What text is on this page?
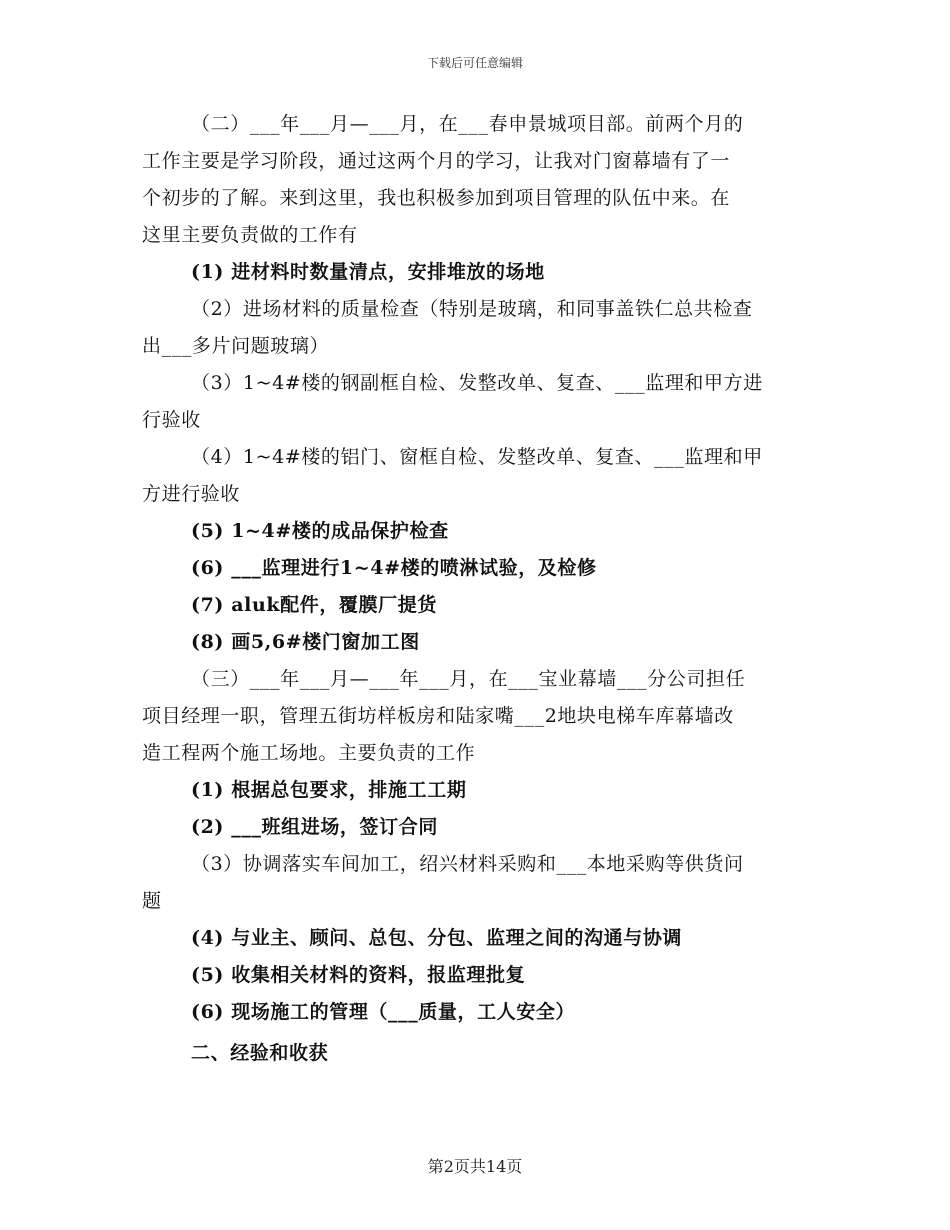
下载后可任意编辑
（二）___年___月—___月，在___春申景城项目部。前两个月的
工作主要是学习阶段，通过这两个月的学习，让我对门窗幕墙有了一
个初步的了解。来到这里，我也积极参加到项目管理的队伍中来。在
这里主要负责做的工作有
(1) 进材料时数量清点，安排堆放的场地
（2）进场材料的质量检查（特别是玻璃，和同事盖铁仁总共检查
出___多片问题玻璃）
（3）1~4#楼的钢副框自检、发整改单、复查、___监理和甲方进
行验收
（4）1~4#楼的铝门、窗框自检、发整改单、复查、___监理和甲
方进行验收
(5) 1~4#楼的成品保护检查
(6) ___监理进行1~4#楼的喷淋试验，及检修
(7) aluk配件，覆膜厂提货
(8) 画5,6#楼门窗加工图
（三）___年___月—___年___月，在___宝业幕墙___分公司担任
项目经理一职，管理五街坊样板房和陆家嘴___2地块电梯车库幕墙改
造工程两个施工场地。主要负责的工作
(1) 根据总包要求，排施工工期
(2) ___班组进场，签订合同
（3）协调落实车间加工，绍兴材料采购和___本地采购等供货问
题
(4) 与业主、顾问、总包、分包、监理之间的沟通与协调
(5) 收集相关材料的资料，报监理批复
(6) 现场施工的管理（___质量，工人安全）
二、经验和收获
第2页共14页
